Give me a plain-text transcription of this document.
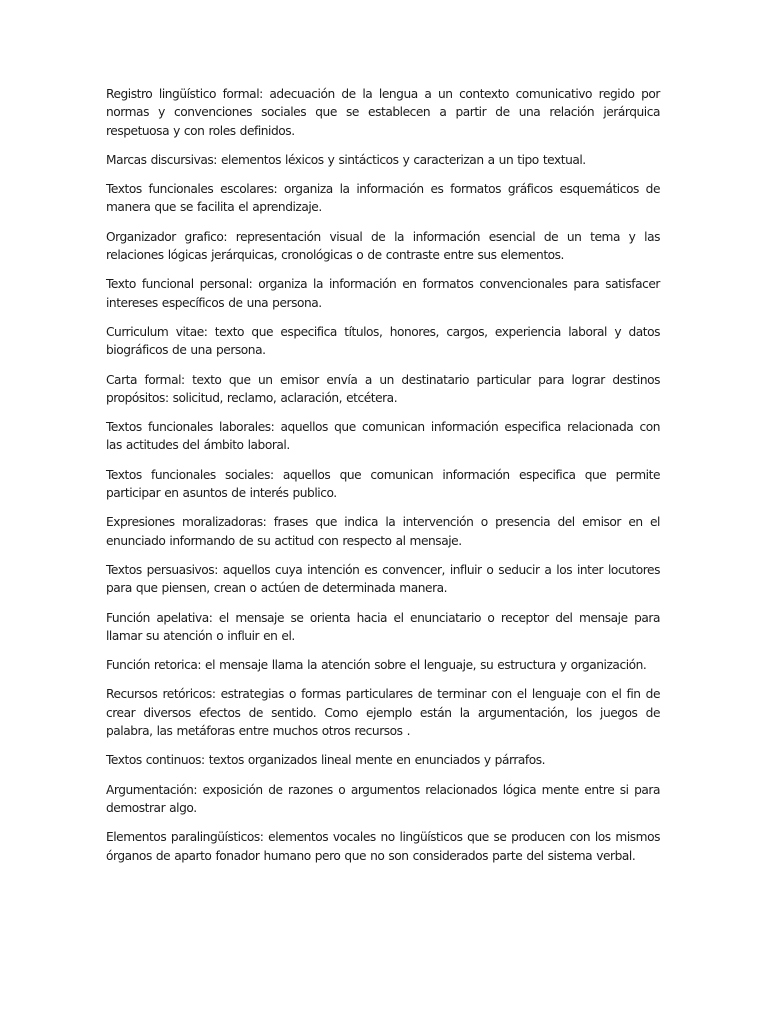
Registro lingüístico formal: adecuación de la lengua a un contexto comunicativo regido por normas y convenciones sociales que se establecen a partir de una relación jerárquica respetuosa y con roles definidos.

Marcas discursivas: elementos léxicos y sintácticos y caracterizan a un tipo textual.

Textos funcionales escolares: organiza la información es formatos gráficos esquemáticos de manera que se facilita el aprendizaje.

Organizador grafico: representación visual de la información esencial de un tema y las relaciones lógicas jerárquicas, cronológicas o de contraste entre sus elementos.

Texto funcional personal: organiza la información en formatos convencionales para satisfacer intereses específicos de una persona.

Curriculum vitae: texto que especifica títulos, honores, cargos, experiencia laboral y datos biográficos de una persona.

Carta formal: texto que un emisor envía a un destinatario particular para lograr destinos propósitos: solicitud, reclamo, aclaración, etcétera.

Textos funcionales laborales: aquellos que comunican información especifica relacionada con las actitudes del ámbito laboral.

Textos funcionales sociales: aquellos que comunican información especifica que permite participar en asuntos de interés publico.

Expresiones moralizadoras: frases que indica la intervención o presencia del emisor en el enunciado informando de su actitud con respecto al mensaje.

Textos persuasivos: aquellos cuya intención es convencer, influir o seducir a los inter locutores para que piensen, crean o actúen de determinada manera.

Función apelativa: el mensaje se orienta hacia el enunciatario o receptor del mensaje para llamar su atención o influir en el.

Función retorica: el mensaje llama la atención sobre el lenguaje, su estructura y organización.

Recursos retóricos: estrategias o formas particulares de terminar con el lenguaje con el fin de crear diversos efectos de sentido. Como ejemplo están la argumentación, los juegos de palabra, las metáforas entre muchos otros recursos .

Textos continuos: textos organizados lineal mente en enunciados y párrafos.

Argumentación: exposición de razones o argumentos relacionados lógica mente entre si para demostrar algo.

Elementos paralingüísticos: elementos vocales no lingüísticos que se producen con los mismos órganos de aparto fonador humano pero que no son considerados parte del sistema verbal.
